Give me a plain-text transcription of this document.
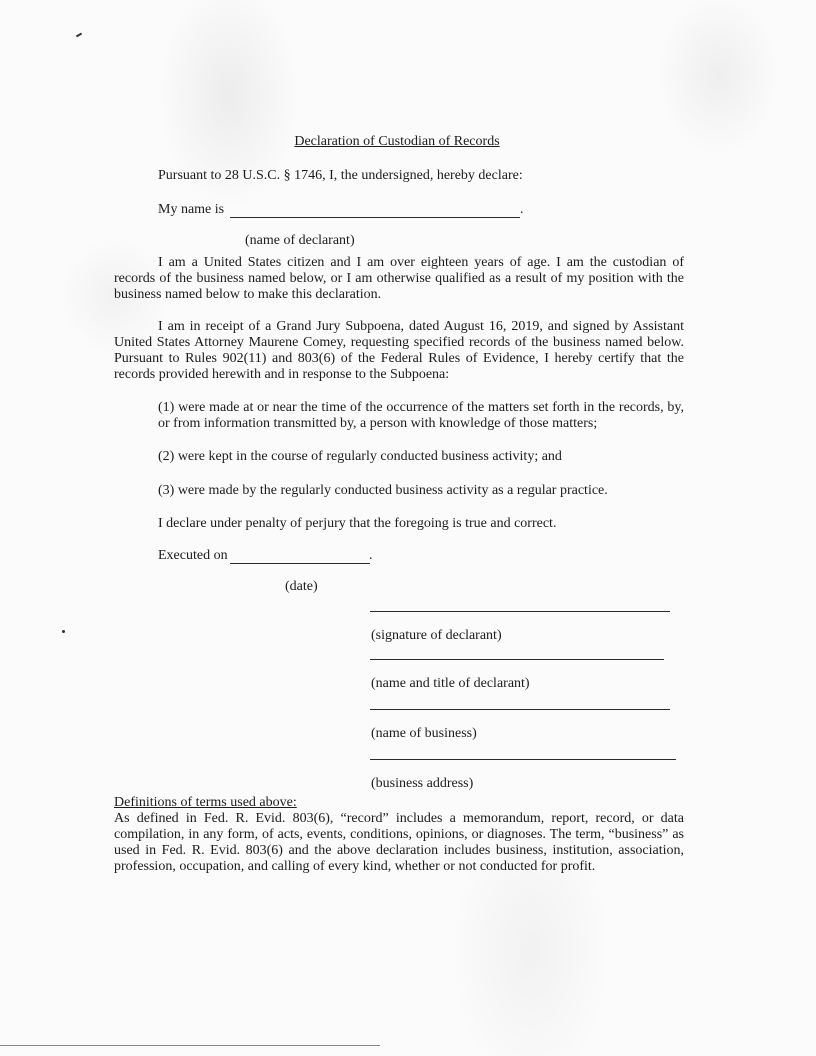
Declaration of Custodian of Records

Pursuant to 28 U.S.C. § 1746, I, the undersigned, hereby declare:

My name is	.

(name of declarant)

I am a United States citizen and I am over eighteen years of age. I am the custodian of records of the business named below, or I am otherwise qualified as a result of my position with the business named below to make this declaration.

I am in receipt of a Grand Jury Subpoena, dated August 16, 2019, and signed by Assistant United States Attorney Maurene Comey, requesting specified records of the business named below. Pursuant to Rules 902(11) and 803(6) of the Federal Rules of Evidence, I hereby certify that the records provided herewith and in response to the Subpoena:

(1) were made at or near the time of the occurrence of the matters set forth in the records, by, or from information transmitted by, a person with knowledge of those matters;

(2) were kept in the course of regularly conducted business activity; and

(3) were made by the regularly conducted business activity as a regular practice.

I declare under penalty of perjury that the foregoing is true and correct.

Executed on	.

(date)

(signature of declarant)

(name and title of declarant)

(name of business)

(business address)

Definitions of terms used above:

As defined in Fed. R. Evid. 803(6), “record” includes a memorandum, report, record, or data compilation, in any form, of acts, events, conditions, opinions, or diagnoses. The term, “business” as used in Fed. R. Evid. 803(6) and the above declaration includes business, institution, association, profession, occupation, and calling of every kind, whether or not conducted for profit.
